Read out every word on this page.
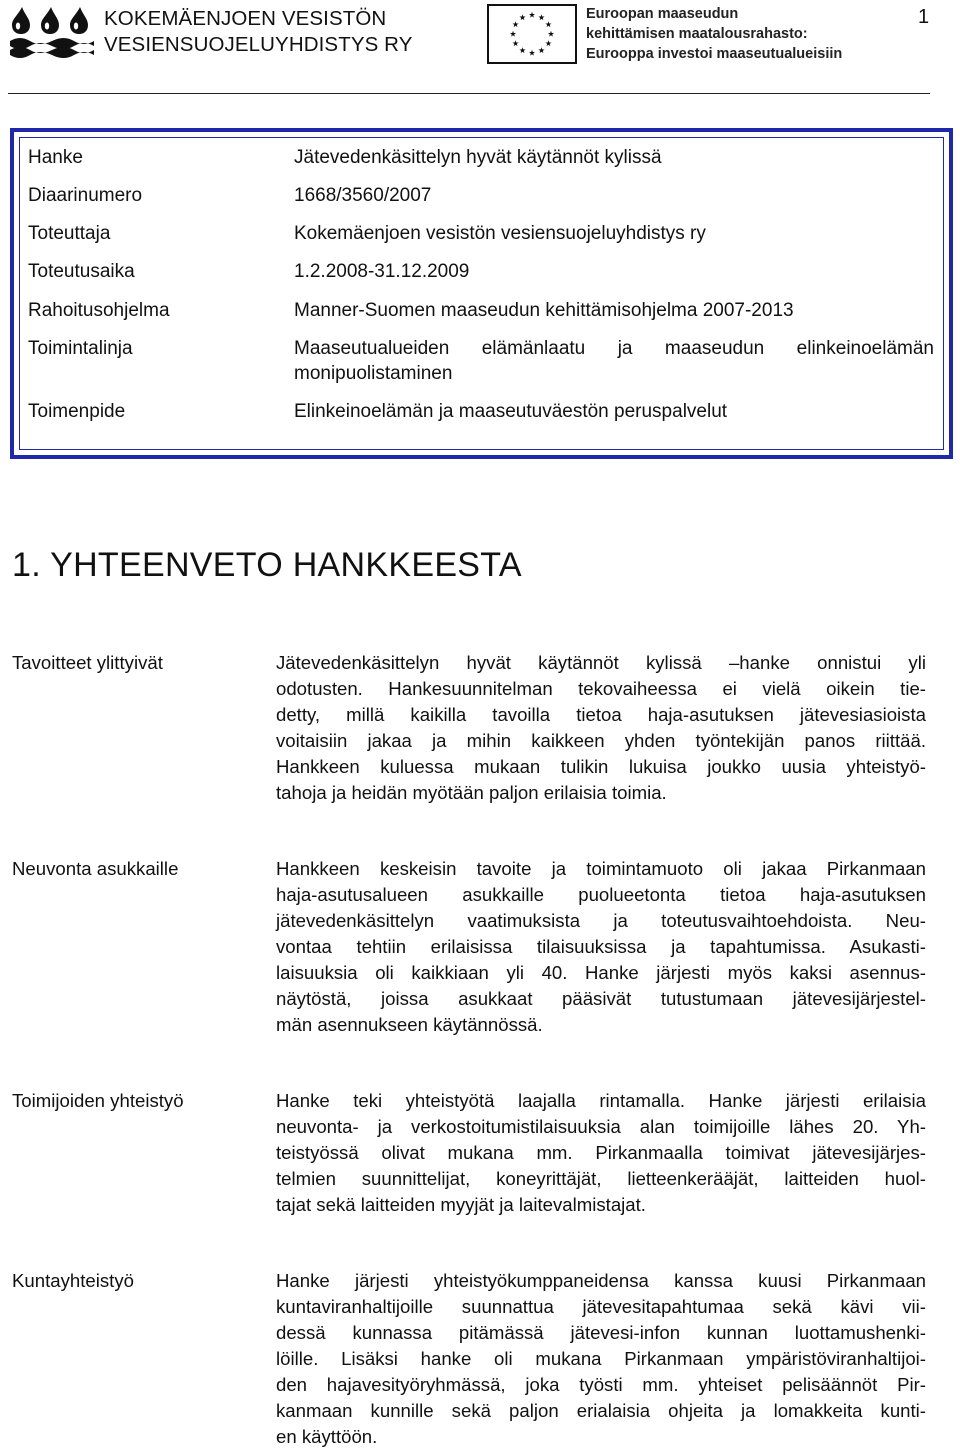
KOKEMÄENJOEN VESISTÖN
VESIENSUOJELUYHDISTYS RY
Euroopan maaseudun
kehittämisen maatalousrahasto:
Eurooppa investoi maaseutualueisiin
1
Hanke	Jätevedenkäsittelyn hyvät käytännöt kylissä
Diaarinumero	1668/3560/2007
Toteuttaja	Kokemäenjoen vesistön vesiensuojeluyhdistys ry
Toteutusaika	1.2.2008-31.12.2009
Rahoitusohjelma	Manner-Suomen maaseudun kehittämisohjelma 2007-2013
Toimintalinja	Maaseutualueiden elämänlaatu ja maaseudun elinkeinoelämän
monipuolistaminen
Toimenpide	Elinkeinoelämän ja maaseutuväestön peruspalvelut
1. YHTEENVETO HANKKEESTA
Tavoitteet ylittyivät	Jätevedenkäsittelyn hyvät käytännöt kylissä –hanke onnistui yli
odotusten. Hankesuunnitelman tekovaiheessa ei vielä oikein tie-
detty, millä kaikilla tavoilla tietoa haja-asutuksen jätevesiasioista
voitaisiin jakaa ja mihin kaikkeen yhden työntekijän panos riittää.
Hankkeen kuluessa mukaan tulikin lukuisa joukko uusia yhteistyö-
tahoja ja heidän myötään paljon erilaisia toimia.
Neuvonta asukkaille	Hankkeen keskeisin tavoite ja toimintamuoto oli jakaa Pirkanmaan
haja-asutusalueen asukkaille puolueetonta tietoa haja-asutuksen
jätevedenkäsittelyn vaatimuksista ja toteutusvaihtoehdoista. Neu-
vontaa tehtiin erilaisissa tilaisuuksissa ja tapahtumissa. Asukasti-
laisuuksia oli kaikkiaan yli 40. Hanke järjesti myös kaksi asennus-
näytöstä, joissa asukkaat pääsivät tutustumaan jätevesijärjestel-
män asennukseen käytännössä.
Toimijoiden yhteistyö	Hanke teki yhteistyötä laajalla rintamalla. Hanke järjesti erilaisia
neuvonta- ja verkostoitumistilaisuuksia alan toimijoille lähes 20. Yh-
teistyössä olivat mukana mm. Pirkanmaalla toimivat jätevesijärjes-
telmien suunnittelijat, koneyrittäjät, lietteenkerääjät, laitteiden huol-
tajat sekä laitteiden myyjät ja laitevalmistajat.
Kuntayhteistyö	Hanke järjesti yhteistyökumppaneidensa kanssa kuusi Pirkanmaan
kuntaviranhaltijoille suunnattua jätevesitapahtumaa sekä kävi vii-
dessä kunnassa pitämässä jätevesi-infon kunnan luottamushenki-
löille. Lisäksi hanke oli mukana Pirkanmaan ympäristöviranhaltijoi-
den hajavesityöryhmässä, joka työsti mm. yhteiset pelisäännöt Pir-
kanmaan kunnille sekä paljon erialaisia ohjeita ja lomakkeita kunti-
en käyttöön.
